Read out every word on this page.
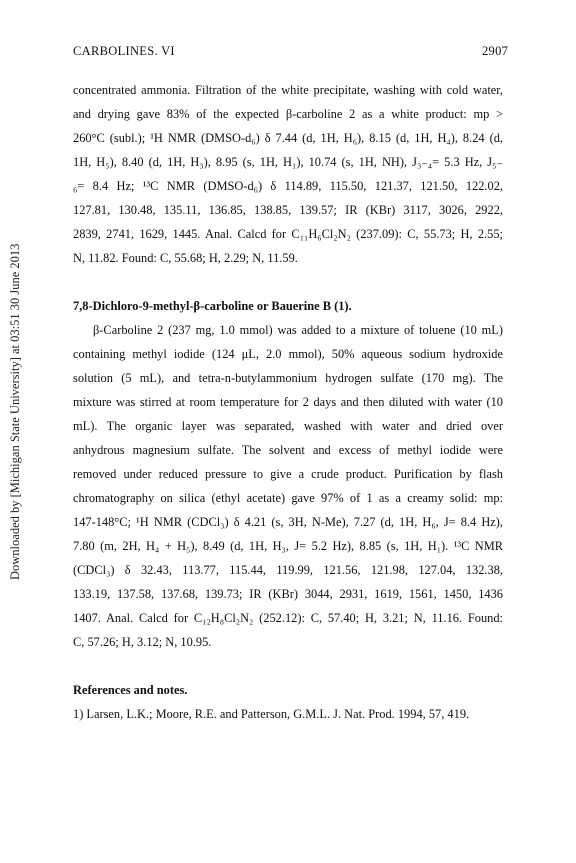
CARBOLINES. VI	2907
Downloaded by [Michigan State University] at 03:51 30 June 2013
concentrated ammonia. Filtration of the white precipitate, washing with cold water,
and drying gave 83% of the expected β-carboline 2 as a white product: mp >
260°C (subl.); ¹H NMR (DMSO-d₆) δ 7.44 (d, 1H, H₆), 8.15 (d, 1H, H₄), 8.24 (d,
1H, H₅), 8.40 (d, 1H, H₃), 8.95 (s, 1H, H₁), 10.74 (s, 1H, NH), J₃₋₄= 5.3 Hz, J₅₋
₆= 8.4 Hz; ¹³C NMR (DMSO-d₆) δ 114.89, 115.50, 121.37, 121.50, 122.02,
127.81, 130.48, 135.11, 136.85, 138.85, 139.57; IR (KBr) 3117, 3026, 2922,
2839, 2741, 1629, 1445. Anal. Calcd for C₁₁H₆Cl₂N₂ (237.09): C, 55.73; H, 2.55;
N, 11.82. Found: C, 55.68; H, 2.29; N, 11.59.
7,8-Dichloro-9-methyl-β-carboline or Bauerine B (1).
β-Carboline 2 (237 mg, 1.0 mmol) was added to a mixture of toluene (10 mL)
containing methyl iodide (124 μL, 2.0 mmol), 50% aqueous sodium hydroxide
solution (5 mL), and tetra-n-butylammonium hydrogen sulfate (170 mg). The
mixture was stirred at room temperature for 2 days and then diluted with water (10
mL). The organic layer was separated, washed with water and dried over
anhydrous magnesium sulfate. The solvent and excess of methyl iodide were
removed under reduced pressure to give a crude product. Purification by flash
chromatography on silica (ethyl acetate) gave 97% of 1 as a creamy solid: mp:
147-148°C; ¹H NMR (CDCl₃) δ 4.21 (s, 3H, N-Me), 7.27 (d, 1H, H₆, J= 8.4 Hz),
7.80 (m, 2H, H₄ + H₅), 8.49 (d, 1H, H₃, J= 5.2 Hz), 8.85 (s, 1H, H₁). ¹³C NMR
(CDCl₃) δ 32.43, 113.77, 115.44, 119.99, 121.56, 121.98, 127.04, 132.38,
133.19, 137.58, 137.68, 139.73; IR (KBr) 3044, 2931, 1619, 1561, 1450, 1436
1407. Anal. Calcd for C₁₂H₈Cl₂N₂ (252.12): C, 57.40; H, 3.21; N, 11.16. Found:
C, 57.26; H, 3.12; N, 10.95.
References and notes.
1) Larsen, L.K.; Moore, R.E. and Patterson, G.M.L. J. Nat. Prod. 1994, 57, 419.
